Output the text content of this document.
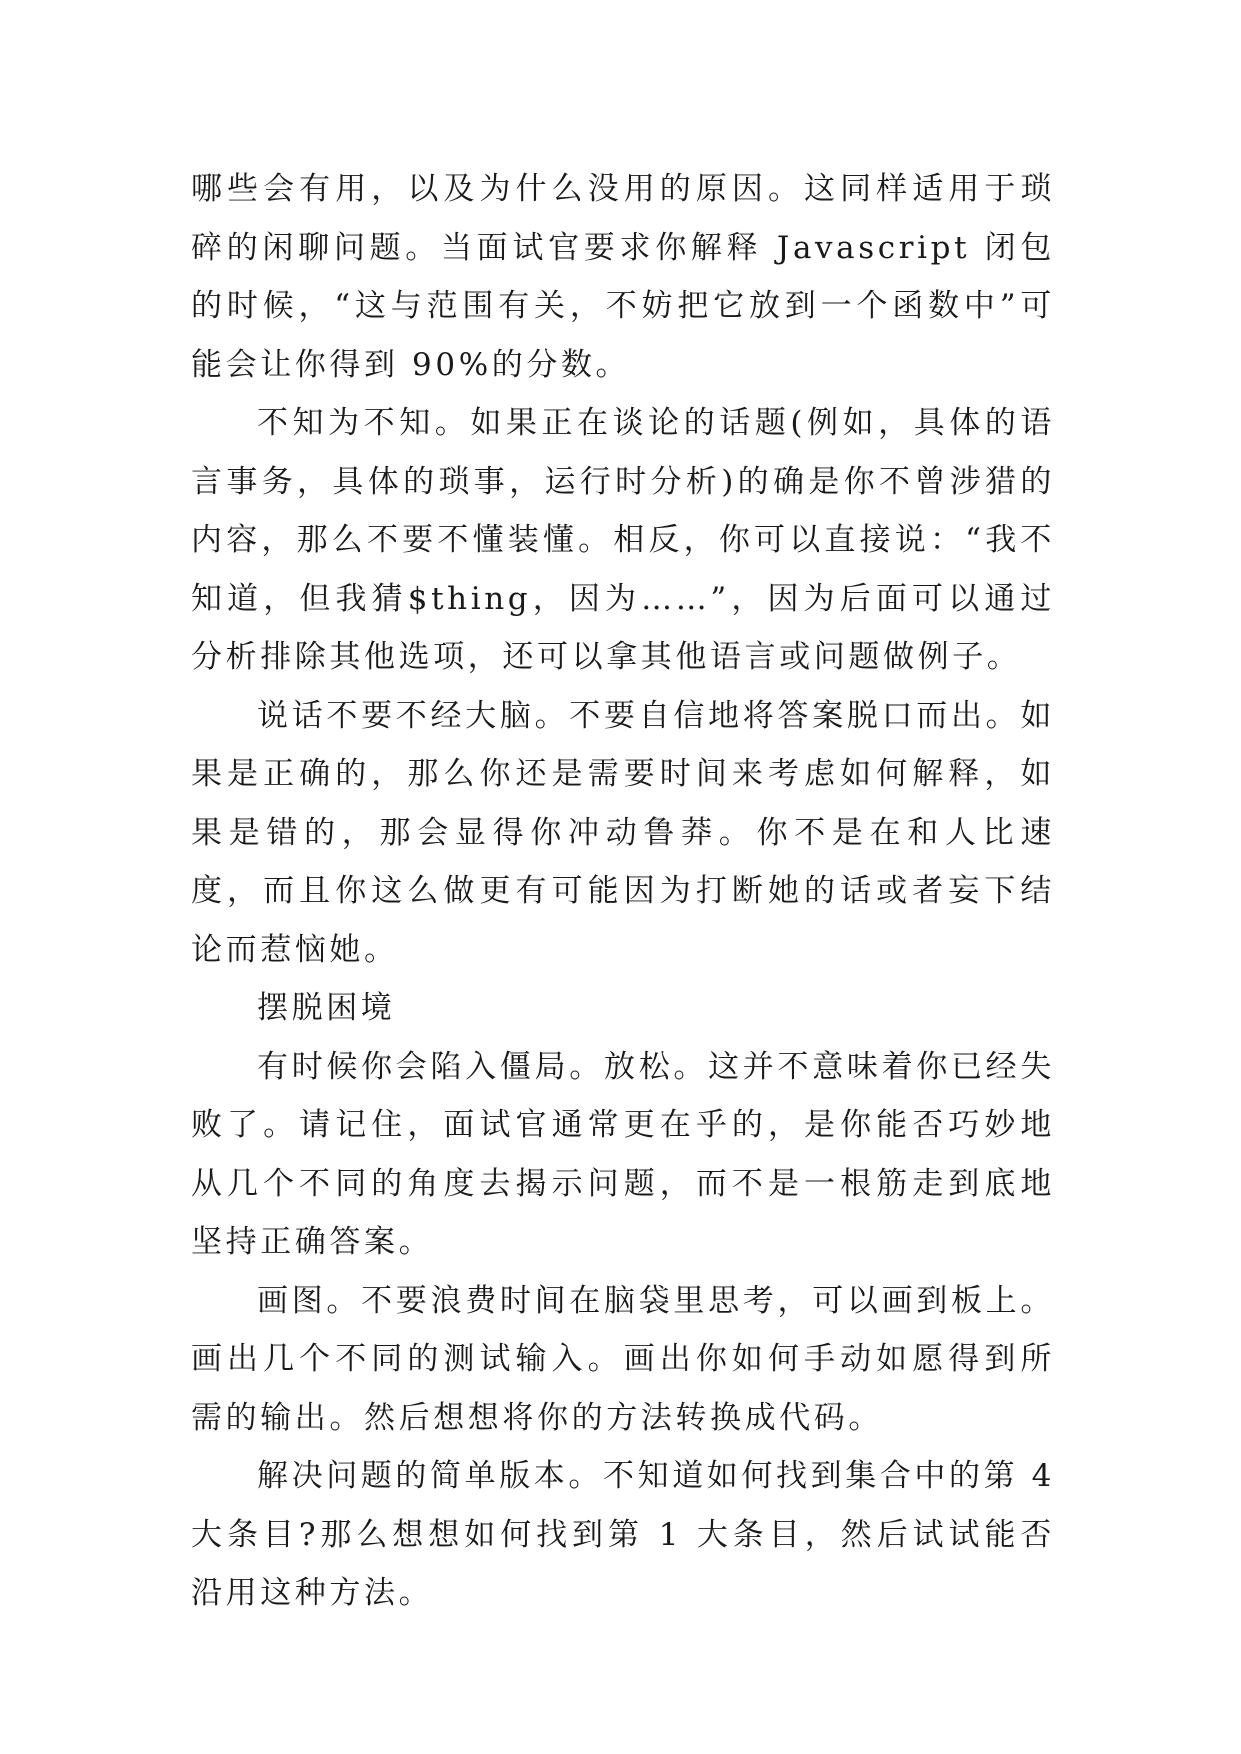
哪些会有用，以及为什么没用的原因。这同样适用于琐碎的闲聊问题。当面试官要求你解释 Javascript 闭包的时候，“这与范围有关，不妨把它放到一个函数中”可能会让你得到 90%的分数。

不知为不知。如果正在谈论的话题(例如，具体的语言事务，具体的琐事，运行时分析)的确是你不曾涉猎的内容，那么不要不懂装懂。相反，你可以直接说：“我不知道，但我猜$thing，因为……”，因为后面可以通过分析排除其他选项，还可以拿其他语言或问题做例子。

说话不要不经大脑。不要自信地将答案脱口而出。如果是正确的，那么你还是需要时间来考虑如何解释，如果是错的，那会显得你冲动鲁莽。你不是在和人比速度，而且你这么做更有可能因为打断她的话或者妄下结论而惹恼她。

摆脱困境

有时候你会陷入僵局。放松。这并不意味着你已经失败了。请记住，面试官通常更在乎的，是你能否巧妙地从几个不同的角度去揭示问题，而不是一根筋走到底地坚持正确答案。

画图。不要浪费时间在脑袋里思考，可以画到板上。画出几个不同的测试输入。画出你如何手动如愿得到所需的输出。然后想想将你的方法转换成代码。

解决问题的简单版本。不知道如何找到集合中的第 4 大条目?那么想想如何找到第 1 大条目，然后试试能否沿用这种方法。
